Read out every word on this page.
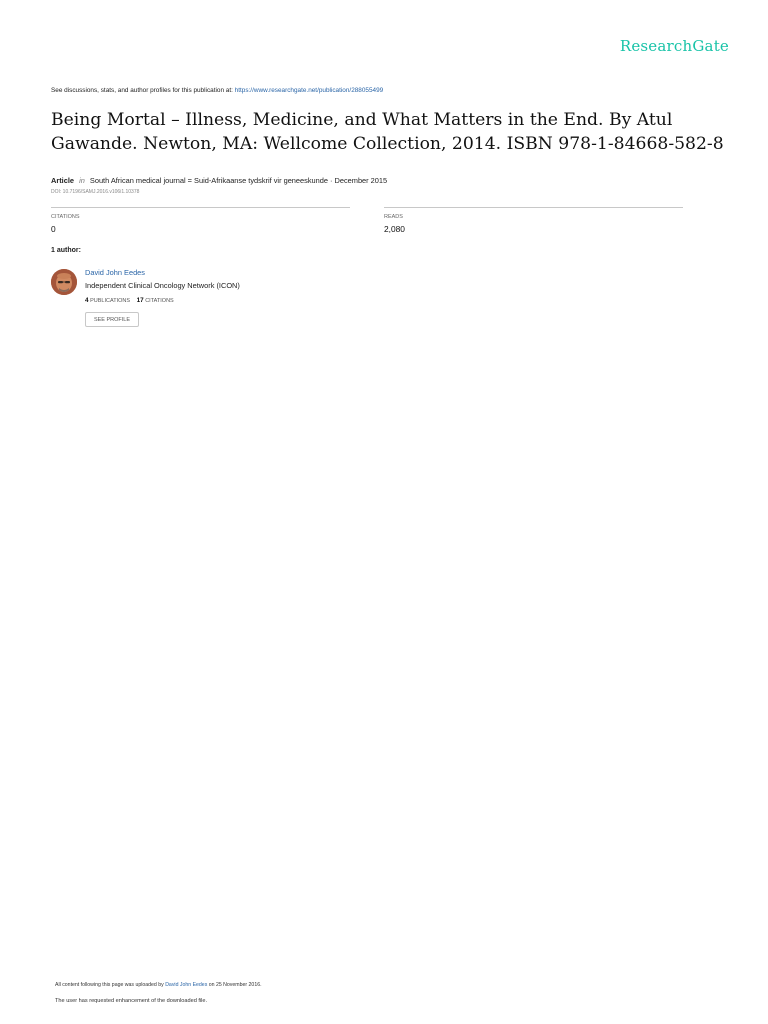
ResearchGate
See discussions, stats, and author profiles for this publication at: https://www.researchgate.net/publication/288055499
Being Mortal – Illness, Medicine, and What Matters in the End. By Atul Gawande. Newton, MA: Wellcome Collection, 2014. ISBN 978-1-84668-582-8
Article in South African medical journal = Suid-Afrikaanse tydskrif vir geneeskunde · December 2015
DOI: 10.7196/SAMJ.2016.v106i1.10378
CITATIONS
0
READS
2,080
1 author:
David John Eedes
Independent Clinical Oncology Network (ICON)
4 PUBLICATIONS 17 CITATIONS
SEE PROFILE
All content following this page was uploaded by David John Eedes on 25 November 2016.
The user has requested enhancement of the downloaded file.
